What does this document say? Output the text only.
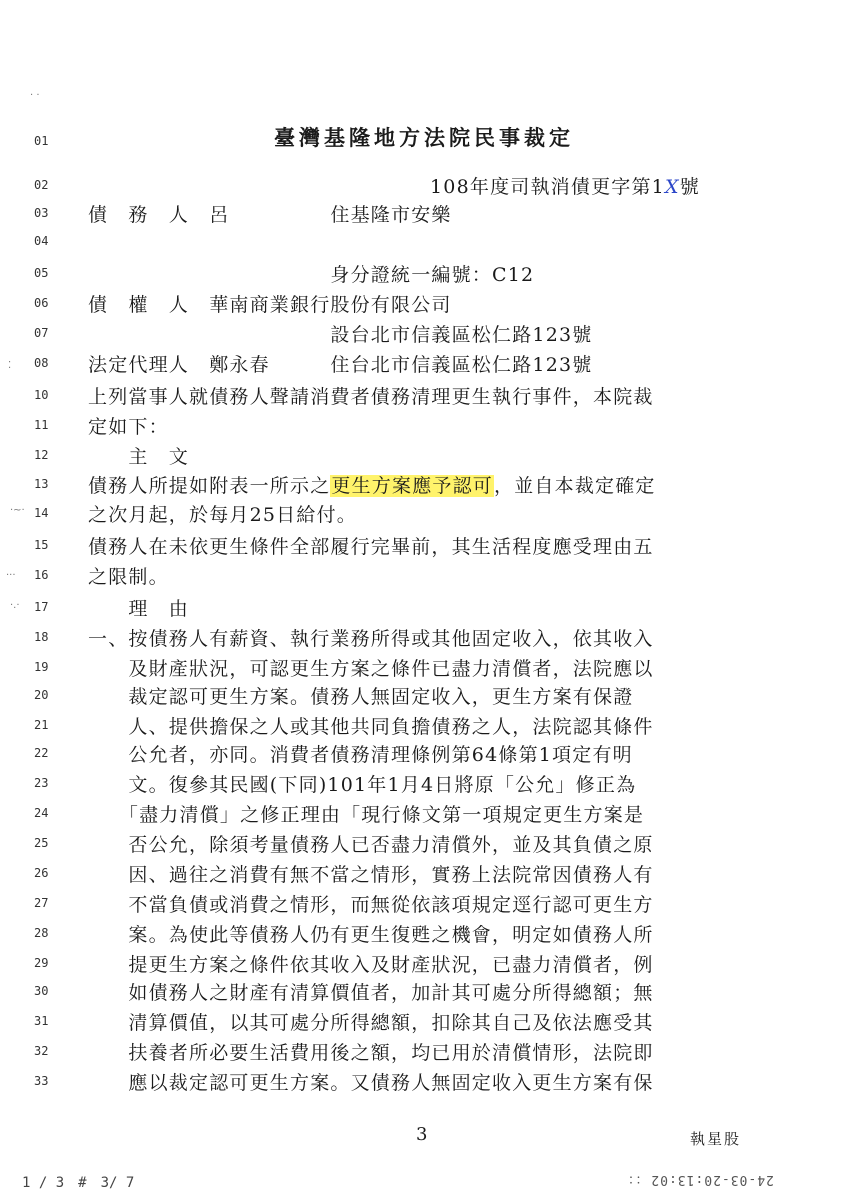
01	臺灣基隆地方法院民事裁定
02	108年度司執消債更字第1X號
03	債　務　人　呂　　　　　住基隆市安樂
04
05	　　　　　　　　　　　　身分證統一編號：C12
06	債　權　人　華南商業銀行股份有限公司
07	　　　　　　　　　　　　設台北市信義區松仁路123號
08	法定代理人　鄭永春　　　住台北市信義區松仁路123號
10	上列當事人就債務人聲請消費者債務清理更生執行事件，本院裁
11	定如下：
12	　　主　文
14	之次月起，於每月25日給付。
15	債務人在未依更生條件全部履行完畢前，其生活程度應受理由五
16	之限制。
17	　　理　由
18	一、按債務人有薪資、執行業務所得或其他固定收入，依其收入
19	　　及財產狀況，可認更生方案之條件已盡力清償者，法院應以
20	　　裁定認可更生方案。債務人無固定收入，更生方案有保證
21	　　人、提供擔保之人或其他共同負擔債務之人，法院認其條件
22	　　公允者，亦同。消費者債務清理條例第64條第1項定有明
23	　　文。復參其民國(下同)101年1月4日將原「公允」修正為
24	　　「盡力清償」之修正理由「現行條文第一項規定更生方案是
25	　　否公允，除須考量債務人已否盡力清償外，並及其負債之原
26	　　因、過往之消費有無不當之情形，實務上法院常因債務人有
27	　　不當負債或消費之情形，而無從依該項規定逕行認可更生方
28	　　案。為使此等債務人仍有更生復甦之機會，明定如債務人所
29	　　提更生方案之條件依其收入及財產狀況，已盡力清償者，例
30	　　如債務人之財產有清算價值者，加計其可處分所得總額；無
31	　　清算價值，以其可處分所得總額，扣除其自己及依法應受其
32	　　扶養者所必要生活費用後之額，均已用於清償情形，法院即
33	　　應以裁定認可更生方案。又債務人無固定收入更生方案有保
13	債務人所提如附表一所示之更生方案應予認可，並自本裁定確定
· ·
⁚
·~·
···
·.·
3	執星股
1 / 3　#　3/ 7	24-03-20:13:02 ：：
